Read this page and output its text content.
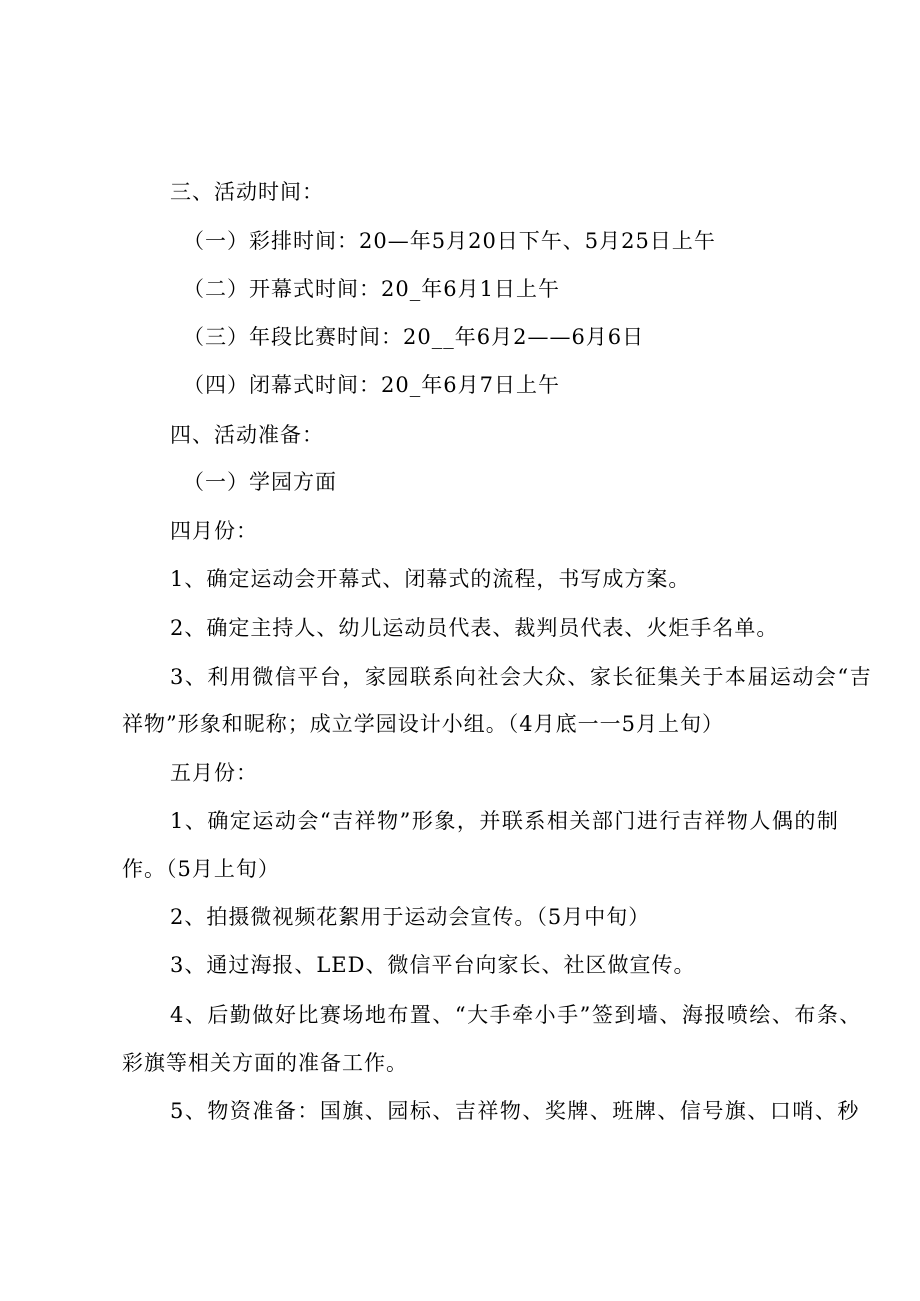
三、活动时间：
（一）彩排时间：20—年5月20日下午、5月25日上午
（二）开幕式时间：20_年6月1日上午
（三）年段比赛时间：20__年6月2——6月6日
（四）闭幕式时间：20_年6月7日上午
四、活动准备：
（一）学园方面
四月份：
1、确定运动会开幕式、闭幕式的流程，书写成方案。
2、确定主持人、幼儿运动员代表、裁判员代表、火炬手名单。
3、利用微信平台，家园联系向社会大众、家长征集关于本届运动会“吉
祥物”形象和昵称；成立学园设计小组。（4月底一一5月上旬）
五月份：
1、确定运动会“吉祥物”形象，并联系相关部门进行吉祥物人偶的制
作。（5月上旬）
2、拍摄微视频花絮用于运动会宣传。（5月中旬）
3、通过海报、LED、微信平台向家长、社区做宣传。
4、后勤做好比赛场地布置、“大手牵小手”签到墙、海报喷绘、布条、
彩旗等相关方面的准备工作。
5、物资准备：国旗、园标、吉祥物、奖牌、班牌、信号旗、口哨、秒
